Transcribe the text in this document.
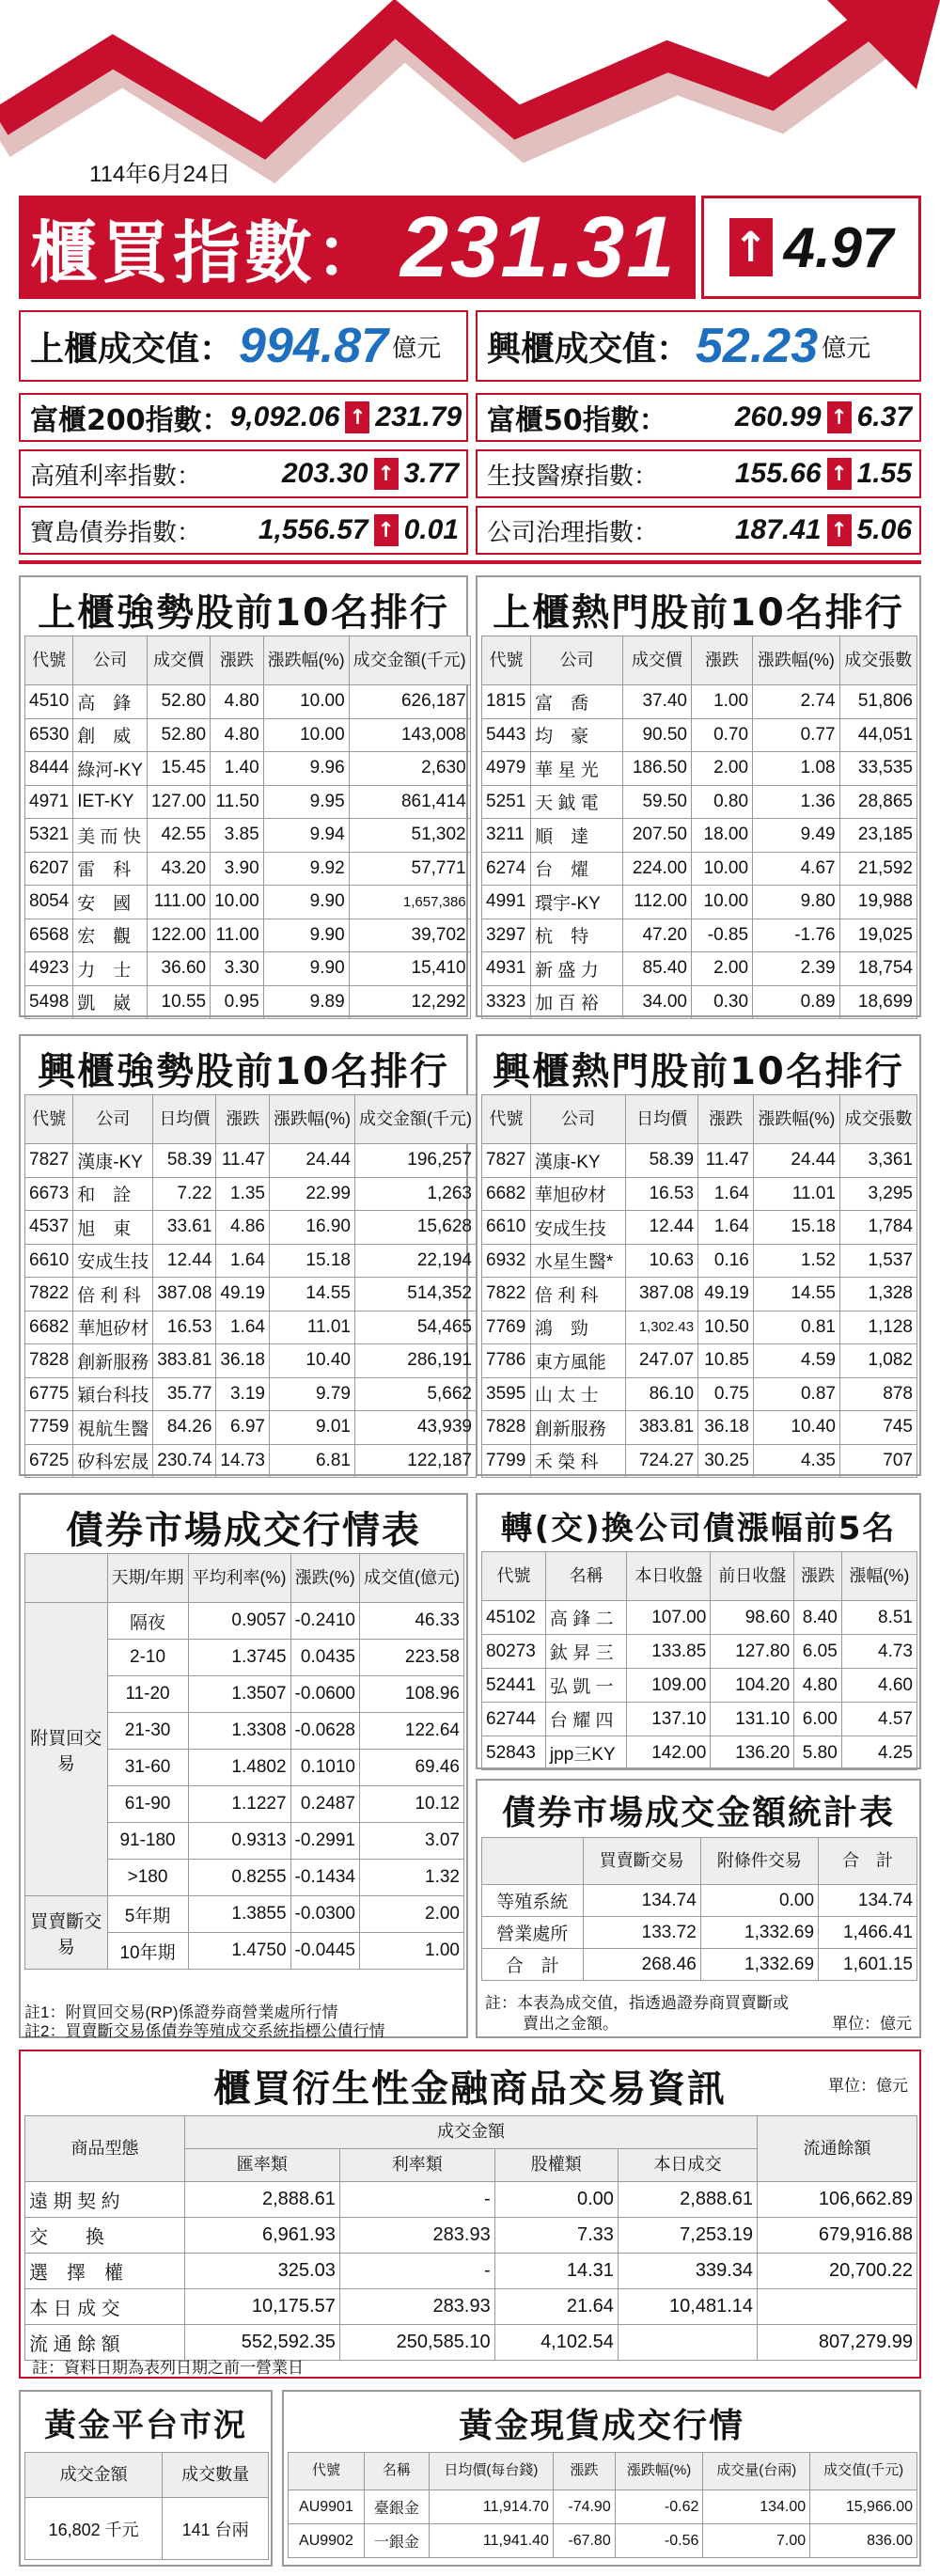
114年6月24日
櫃買指數： 231.31 ↑ 4.97
上櫃成交值： 994.87 億元 興櫃成交值： 52.23 億元
富櫃200指數： 9,092.06 ↑ 231.79 富櫃50指數： 260.99 ↑ 6.37
高殖利率指數：	203.30 ↑ 3.77 生技醫療指數：	155.66 ↑ 1.55
寶島債券指數： 1,556.57 ↑ 0.01 公司治理指數：	187.41 ↑ 5.06
上櫃強勢股前10名排行
代號	公司	成交價	漲跌	漲跌幅(%)	成交金額(千元)
4510	高　鋒	52.80	4.80	10.00	626,187
6530	創　威	52.80	4.80	10.00	143,008
8444	綠河-KY	15.45	1.40	9.96	2,630
4971	IET-KY	127.00	11.50	9.95	861,414
5321	美 而 快	42.55	3.85	9.94	51,302
6207	雷　科	43.20	3.90	9.92	57,771
8054	安　國	111.00	10.00	9.90	1,657,386
6568	宏　觀	122.00	11.00	9.90	39,702
4923	力　士	36.60	3.30	9.90	15,410
5498	凱　崴	10.55	0.95	9.89	12,292
上櫃熱門股前10名排行
代號	公司	成交價	漲跌	漲跌幅(%)	成交張數
1815	富　喬	37.40	1.00	2.74	51,806
5443	均　豪	90.50	0.70	0.77	44,051
4979	華 星 光	186.50	2.00	1.08	33,535
5251	天 鉞 電	59.50	0.80	1.36	28,865
3211	順　達	207.50	18.00	9.49	23,185
6274	台　燿	224.00	10.00	4.67	21,592
4991	環宇-KY	112.00	10.00	9.80	19,988
3297	杭　特	47.20	-0.85	-1.76	19,025
4931	新 盛 力	85.40	2.00	2.39	18,754
3323	加 百 裕	34.00	0.30	0.89	18,699
興櫃強勢股前10名排行
代號	公司	日均價	漲跌	漲跌幅(%)	成交金額(千元)
7827	漢康-KY	58.39	11.47	24.44	196,257
6673	和　詮	7.22	1.35	22.99	1,263
4537	旭　東	33.61	4.86	16.90	15,628
6610	安成生技	12.44	1.64	15.18	22,194
7822	倍 利 科	387.08	49.19	14.55	514,352
6682	華旭矽材	16.53	1.64	11.01	54,465
7828	創新服務	383.81	36.18	10.40	286,191
6775	穎台科技	35.77	3.19	9.79	5,662
7759	視航生醫	84.26	6.97	9.01	43,939
6725	矽科宏晟	230.74	14.73	6.81	122,187
興櫃熱門股前10名排行
代號	公司	日均價	漲跌	漲跌幅(%)	成交張數
7827	漢康-KY	58.39	11.47	24.44	3,361
6682	華旭矽材	16.53	1.64	11.01	3,295
6610	安成生技	12.44	1.64	15.18	1,784
6932	水星生醫*	10.63	0.16	1.52	1,537
7822	倍 利 科	387.08	49.19	14.55	1,328
7769	鴻　勁	1,302.43	10.50	0.81	1,128
7786	東方風能	247.07	10.85	4.59	1,082
3595	山 太 士	86.10	0.75	0.87	878
7828	創新服務	383.81	36.18	10.40	745
7799	禾 榮 科	724.27	30.25	4.35	707
債券市場成交行情表
	天期/年期	平均利率(%)	漲跌(%)	成交值(億元)
附買回交易	隔夜	0.9057	-0.2410	46.33
	2-10	1.3745	0.0435	223.58
	11-20	1.3507	-0.0600	108.96
	21-30	1.3308	-0.0628	122.64
	31-60	1.4802	0.1010	69.46
	61-90	1.1227	0.2487	10.12
	91-180	0.9313	-0.2991	3.07
	>180	0.8255	-0.1434	1.32
買賣斷交易	5年期	1.3855	-0.0300	2.00
	10年期	1.4750	-0.0445	1.00
註1：附買回交易(RP)係證券商營業處所行情
註2：買賣斷交易係債券等殖成交系統指標公債行情
轉(交)換公司債漲幅前5名
代號	名稱	本日收盤	前日收盤	漲跌	漲幅(%)
45102	高 鋒 二	107.00	98.60	8.40	8.51
80273	鈦 昇 三	133.85	127.80	6.05	4.73
52441	弘 凱 一	109.00	104.20	4.80	4.60
62744	台 耀 四	137.10	131.10	6.00	4.57
52843	jpp三KY	142.00	136.20	5.80	4.25
債券市場成交金額統計表
	買賣斷交易	附條件交易	合　計
等殖系統	134.74	0.00	134.74
營業處所	133.72	1,332.69	1,466.41
合　計	268.46	1,332.69	1,601.15
註：本表為成交值，指透過證券商買賣斷或
賣出之金額。	單位：億元
櫃買衍生性金融商品交易資訊	單位：億元
商品型態	成交金額				流通餘額
	匯率類	利率類	股權類	本日成交	
遠 期 契 約	2,888.61	-	0.00	2,888.61	106,662.89
交　　換	6,961.93	283.93	7.33	7,253.19	679,916.88
選　擇　權	325.03	-	14.31	339.34	20,700.22
本 日 成 交	10,175.57	283.93	21.64	10,481.14	
流 通 餘 額	552,592.35	250,585.10	4,102.54		807,279.99
註：資料日期為表列日期之前一營業日
黃金平台市況
成交金額	成交數量
16,802 千元	141 台兩
黃金現貨成交行情
代號	名稱	日均價(每台錢)	漲跌	漲跌幅(%)	成交量(台兩)	成交值(千元)
AU9901	臺銀金	11,914.70	-74.90	-0.62	134.00	15,966.00
AU9902	一銀金	11,941.40	-67.80	-0.56	7.00	836.00
